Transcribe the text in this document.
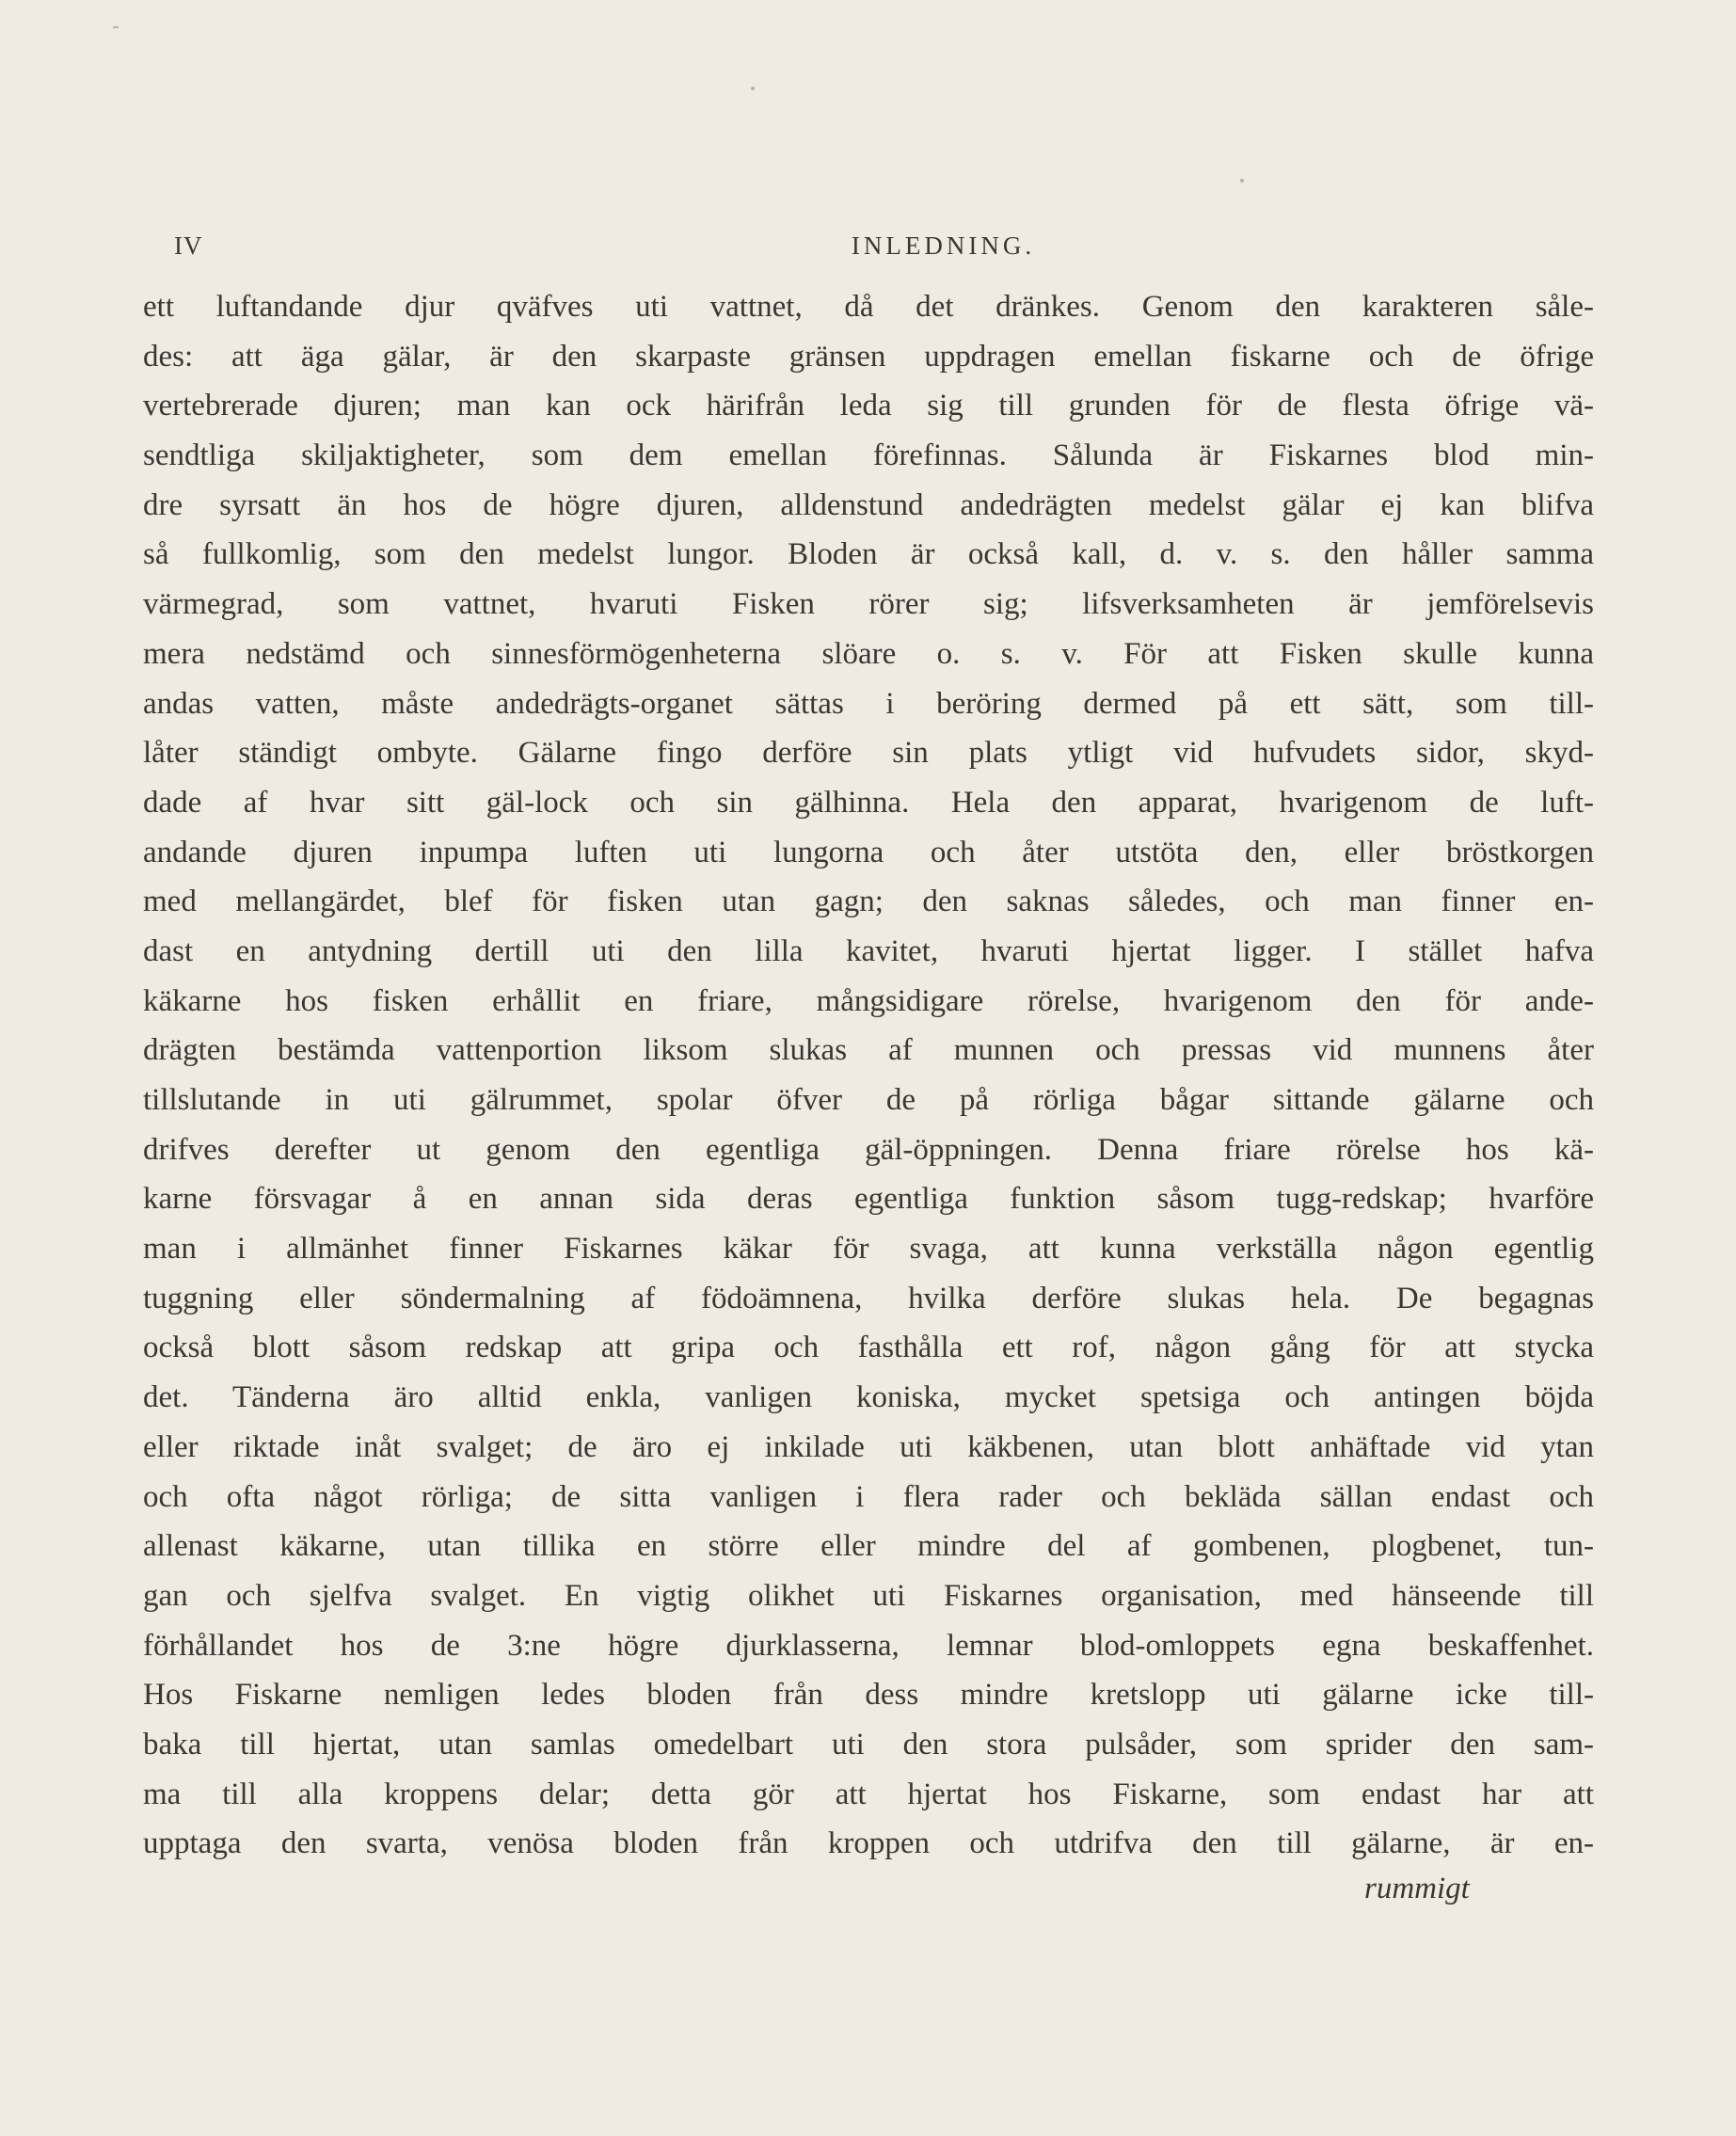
IV	INLEDNING.
ett luftandande djur qväfves uti vattnet, då det dränkes. Genom den karakteren såle-
des: att äga gälar, är den skarpaste gränsen uppdragen emellan fiskarne och de öfrige
vertebrerade djuren; man kan ock härifrån leda sig till grunden för de flesta öfrige vä-
sendtliga skiljaktigheter, som dem emellan förefinnas. Sålunda är Fiskarnes blod min-
dre syrsatt än hos de högre djuren, alldenstund andedrägten medelst gälar ej kan blifva
så fullkomlig, som den medelst lungor. Bloden är också kall, d. v. s. den håller samma
värmegrad, som vattnet, hvaruti Fisken rörer sig; lifsverksamheten är jemförelsevis
mera nedstämd och sinnesförmögenheterna slöare o. s. v. För att Fisken skulle kunna
andas vatten, måste andedrägts-organet sättas i beröring dermed på ett sätt, som till-
låter ständigt ombyte. Gälarne fingo derföre sin plats ytligt vid hufvudets sidor, skyd-
dade af hvar sitt gäl-lock och sin gälhinna. Hela den apparat, hvarigenom de luft-
andande djuren inpumpa luften uti lungorna och åter utstöta den, eller bröstkorgen
med mellangärdet, blef för fisken utan gagn; den saknas således, och man finner en-
dast en antydning dertill uti den lilla kavitet, hvaruti hjertat ligger. I stället hafva
käkarne hos fisken erhållit en friare, mångsidigare rörelse, hvarigenom den för ande-
drägten bestämda vattenportion liksom slukas af munnen och pressas vid munnens åter
tillslutande in uti gälrummet, spolar öfver de på rörliga bågar sittande gälarne och
drifves derefter ut genom den egentliga gäl-öppningen. Denna friare rörelse hos kä-
karne försvagar å en annan sida deras egentliga funktion såsom tugg-redskap; hvarföre
man i allmänhet finner Fiskarnes käkar för svaga, att kunna verkställa någon egentlig
tuggning eller söndermalning af födoämnena, hvilka derföre slukas hela. De begagnas
också blott såsom redskap att gripa och fasthålla ett rof, någon gång för att stycka
det. Tänderna äro alltid enkla, vanligen koniska, mycket spetsiga och antingen böjda
eller riktade inåt svalget; de äro ej inkilade uti käkbenen, utan blott anhäftade vid ytan
och ofta något rörliga; de sitta vanligen i flera rader och bekläda sällan endast och
allenast käkarne, utan tillika en större eller mindre del af gombenen, plogbenet, tun-
gan och sjelfva svalget. En vigtig olikhet uti Fiskarnes organisation, med hänseende till
förhållandet hos de 3:ne högre djurklasserna, lemnar blod-omloppets egna beskaffenhet.
Hos Fiskarne nemligen ledes bloden från dess mindre kretslopp uti gälarne icke till-
baka till hjertat, utan samlas omedelbart uti den stora pulsåder, som sprider den sam-
ma till alla kroppens delar; detta gör att hjertat hos Fiskarne, som endast har att
upptaga den svarta, venösa bloden från kroppen och utdrifva den till gälarne, är en-
rummigt
